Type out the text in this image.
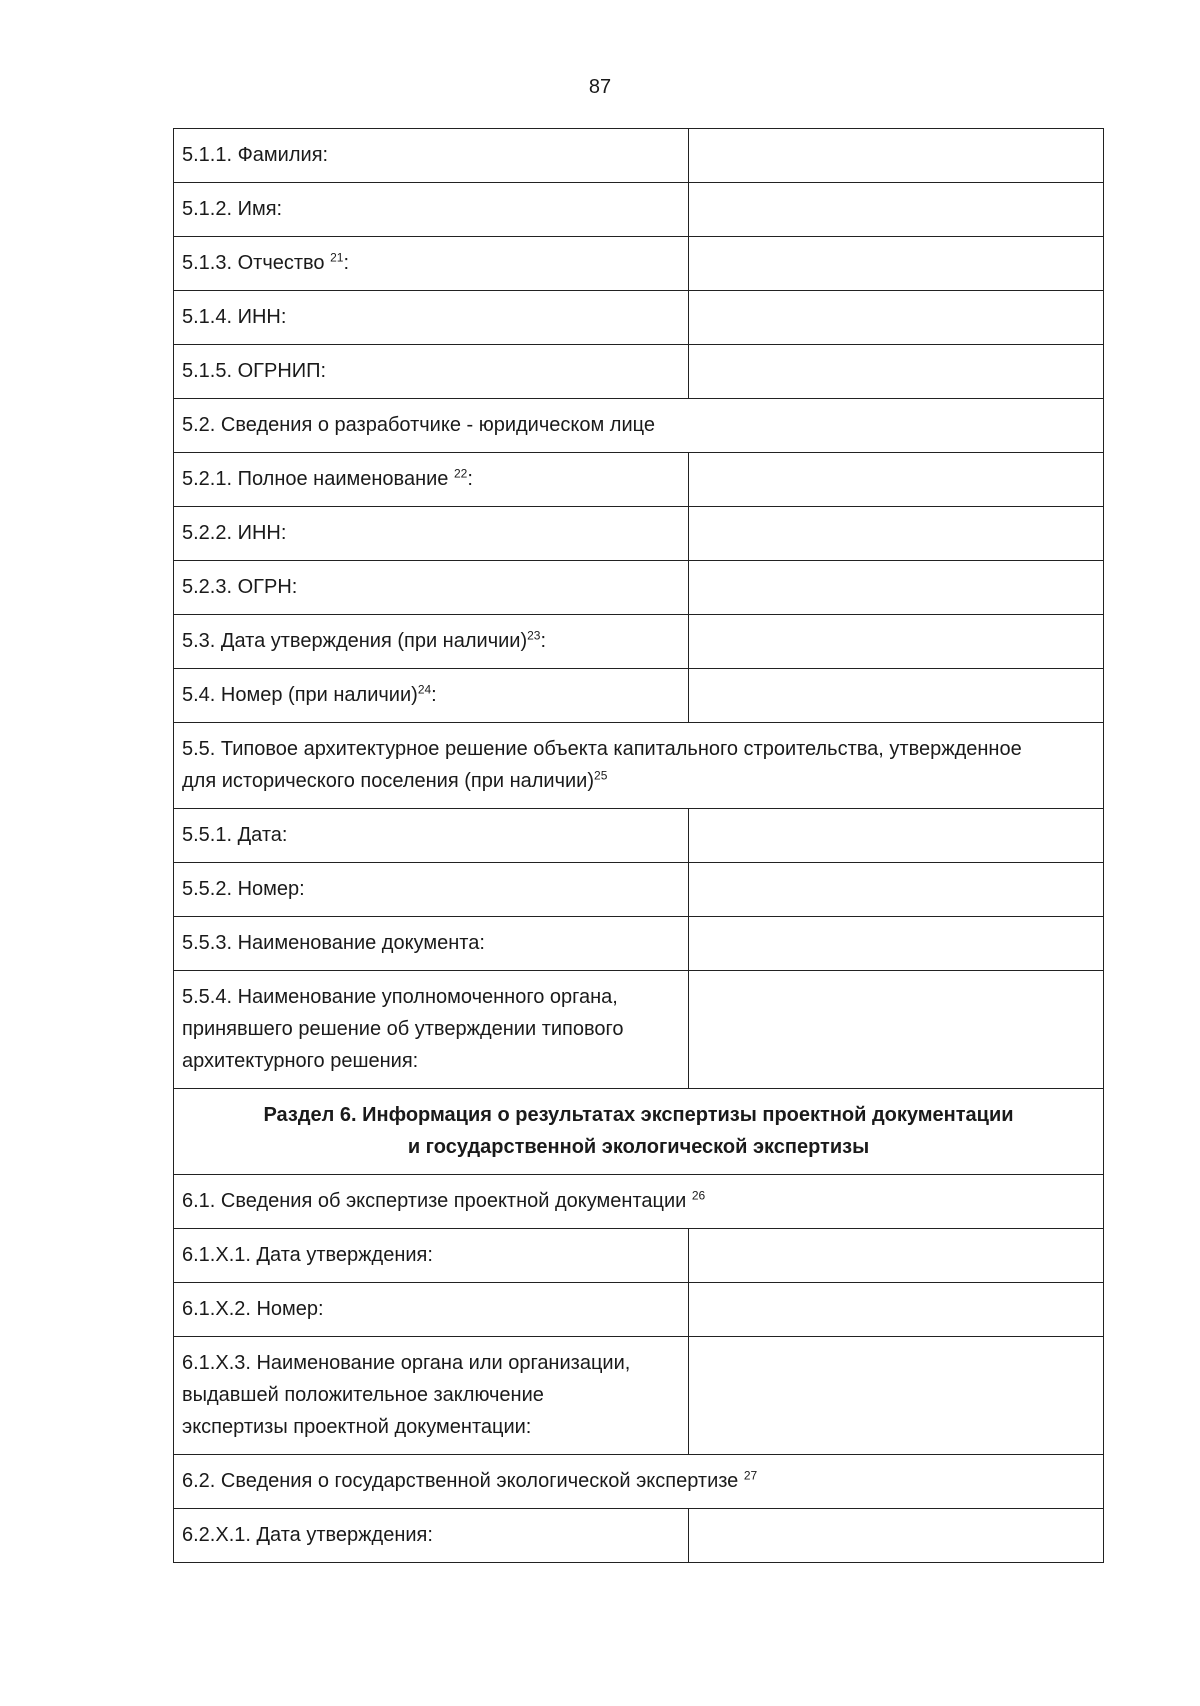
87
5.1.1. Фамилия:	
5.1.2. Имя:	
5.1.3. Отчество $^{21}$:	
5.1.4. ИНН:	
5.1.5. ОГРНИП:	
5.2. Сведения о разработчике - юридическом лице	
5.2.1. Полное наименование $^{22}$:	
5.2.2. ИНН:	
5.2.3. ОГРН:	
5.3. Дата утверждения (при наличии)$^{23}$:	
5.4. Номер (при наличии)$^{24}$:	
5.5. Типовое архитектурное решение объекта капитального строительства, утвержденное
для исторического поселения (при наличии)$^{25}$
5.5.1. Дата:	
5.5.2. Номер:	
5.5.3. Наименование документа:	
5.5.4. Наименование уполномоченного органа,
принявшего решение об утверждении типового
архитектурного решения:	
Раздел 6. Информация о результатах экспертизы проектной документации
и государственной экологической экспертизы	
6.1. Сведения об экспертизе проектной документации $^{26}$
6.1.Х.1. Дата утверждения:	
6.1.Х.2. Номер:	
6.1.Х.3. Наименование органа или организации,
выдавшей положительное заключение
экспертизы проектной документации:	
6.2. Сведения о государственной экологической экспертизе $^{27}$
6.2.Х.1. Дата утверждения:	
